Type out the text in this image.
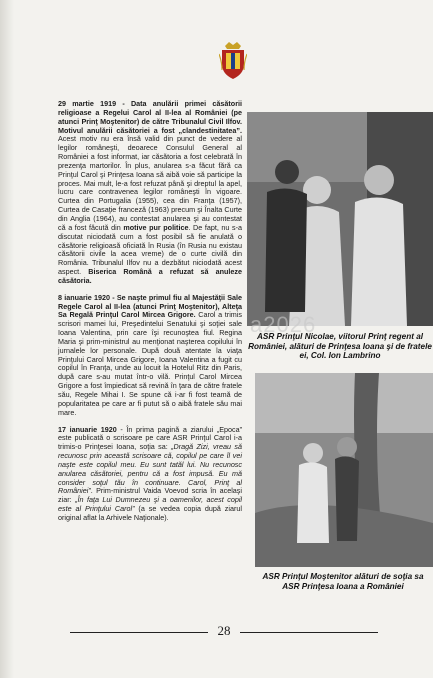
29 martie 1919 - Data anulării primei căsătorii religioase a Regelui Carol al II-lea al României (pe atunci Prinţ Moştenitor) de către Tribunalul Civil Ilfov. Motivul anulării căsătoriei a fost „clandestinitatea”. Acest motiv nu era însă valid din punct de vedere al legilor româneşti, deoarece Consulul General al României a fost informat, iar căsătoria a fost celebrată în prezenţa martorilor. În plus, anularea s-a făcut fără ca Prinţul Carol şi Prinţesa Ioana să aibă voie să participe la proces. Mai mult, le-a fost refuzat până şi dreptul la apel, lucru care contravenea legilor româneşti în vigoare. Curtea din Portugalia (1955), cea din Franţa (1957), Curtea de Casaţie franceză (1963) precum şi Înalta Curte din Anglia (1964), au contestat anularea şi au contestat că a fost făcută din motive pur politice. De fapt, nu s-a discutat niciodată cum a fost posibil să fie anulată o căsătorie religioasă oficiată în Rusia (în Rusia nu existau căsătorii civile la acea vreme) de o curte civilă din România. Tribunalul Ilfov nu a dezbătut niciodată acest aspect. Biserica Română a refuzat să anuleze căsătoria.

8 ianuarie 1920 - Se naşte primul fiu al Majestăţii Sale Regele Carol al II-lea (atunci Prinţ Moştenitor), Alteţa Sa Regală Prinţul Carol Mircea Grigore. Carol a trimis scrisori mamei lui, Preşedintelui Senatului şi soţiei sale Ioana Valentina, prin care îşi recunoştea fiul. Regina Maria şi prim-ministrul au menţionat naşterea copilului în jurnalele lor personale. După două atentate la viaţa Prinţului Carol Mircea Grigore, Ioana Valentina a fugit cu copilul în Franţa, unde au locuit la Hotelul Ritz din Paris, după care s-au mutat într-o vilă. Prinţul Carol Mircea Grigore a fost împiedicat să revină în ţara de către fratele său, Regele Mihai I. Se spune că i-ar fi fost teamă de popularitatea pe care ar fi putut să o aibă fratele său mai mare.

17 ianuarie 1920 - În prima pagină a ziarului „Epoca” este publicată o scrisoare pe care ASR Prinţul Carol i-a trimis-o Prinţesei Ioana, soţia sa: „Dragă Zizi, vreau să recunosc prin această scrisoare că, copilul pe care îl vei naşte este copilul meu. Eu sunt tatăl lui. Nu recunosc anularea căsătoriei, pentru că a fost impusă. Eu mă consider soţul tău în continuare. Carol, Prinţ al României”. Prim-ministrul Vaida Voevod scria în acelaşi ziar: „În faţa Lui Dumnezeu şi a oamenilor, acest copil este al Prinţului Carol” (a se vedea copia după ziarul original aflat la Arhivele Naţionale).

ASR Prinţul Nicolae, viitorul Prinţ regent al României, alături de Prinţesa Ioana şi de fratele ei, Col. Ion Lambrino
ASR Prinţul Moştenitor alături de soţia sa ASR Prinţesa Ioana a României
a2026
28
